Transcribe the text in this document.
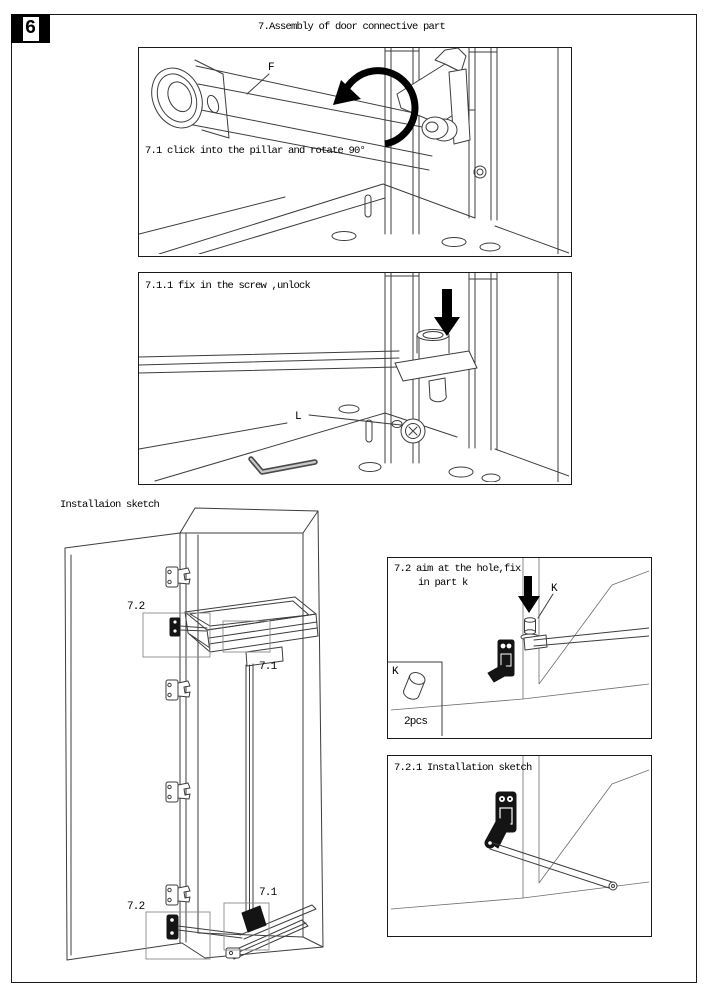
6	7.Assembly of door connective part
F
7.1 click into the pillar and rotate 90°
L
7.1.1 fix in the screw ,unlock
Installaion sketch
7.2
7.1
7.2
7.1
K
K
2pcs
7.2 aim at the hole,fix
in part k
7.2.1 Installation sketch
